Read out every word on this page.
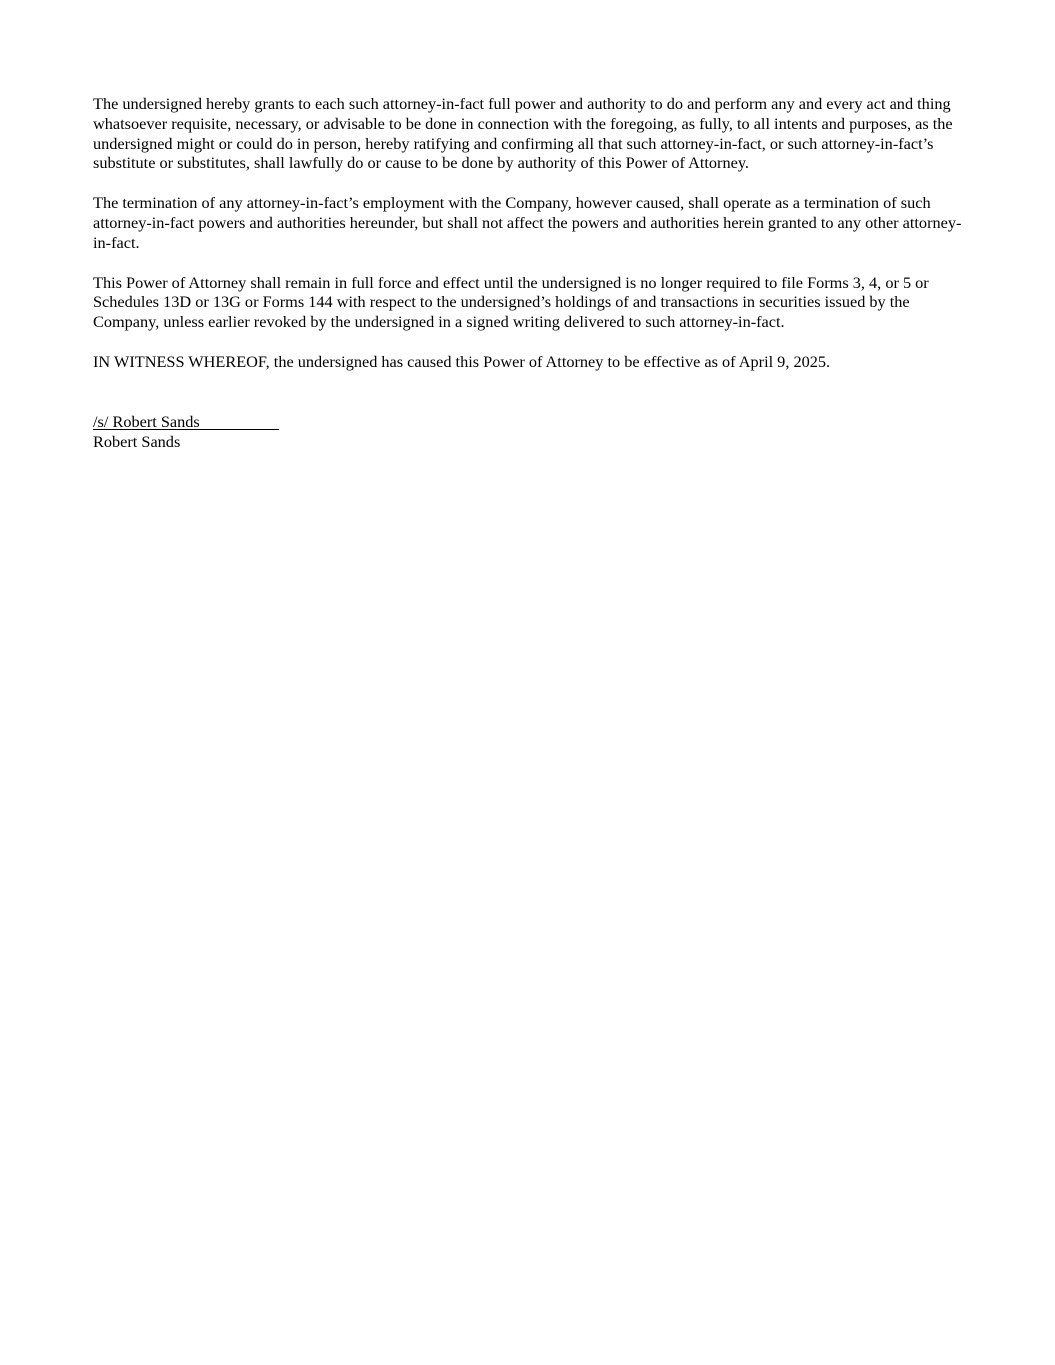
The undersigned hereby grants to each such attorney-in-fact full power and authority to do and perform any and every act and thing whatsoever requisite, necessary, or advisable to be done in connection with the foregoing, as fully, to all intents and purposes, as the undersigned might or could do in person, hereby ratifying and confirming all that such attorney-in-fact, or such attorney-in-fact’s substitute or substitutes, shall lawfully do or cause to be done by authority of this Power of Attorney.

The termination of any attorney-in-fact’s employment with the Company, however caused, shall operate as a termination of such attorney-in-fact powers and authorities hereunder, but shall not affect the powers and authorities herein granted to any other attorney-in-fact.

This Power of Attorney shall remain in full force and effect until the undersigned is no longer required to file Forms 3, 4, or 5 or Schedules 13D or 13G or Forms 144 with respect to the undersigned’s holdings of and transactions in securities issued by the Company, unless earlier revoked by the undersigned in a signed writing delivered to such attorney-in-fact.

IN WITNESS WHEREOF, the undersigned has caused this Power of Attorney to be effective as of April 9, 2025.

/s/ Robert Sands
Robert Sands
